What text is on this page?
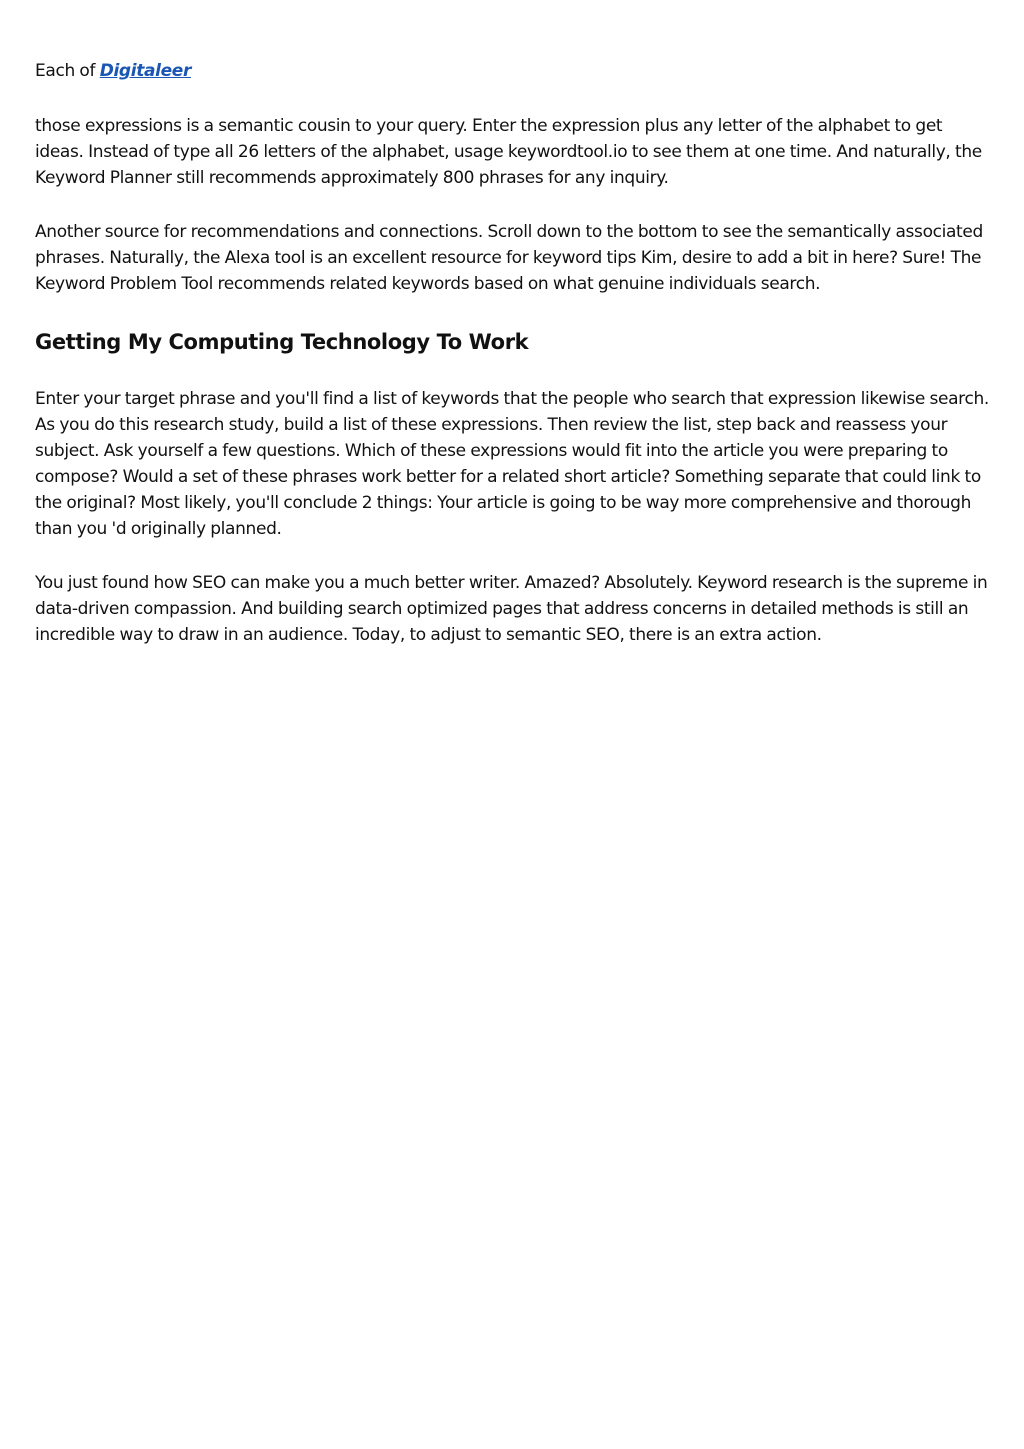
Each of Digitaleer

those expressions is a semantic cousin to your query. Enter the expression plus any letter of the alphabet to get ideas. Instead of type all 26 letters of the alphabet, usage keywordtool.io to see them at one time. And naturally, the Keyword Planner still recommends approximately 800 phrases for any inquiry.

Another source for recommendations and connections. Scroll down to the bottom to see the semantically associated phrases. Naturally, the Alexa tool is an excellent resource for keyword tips Kim, desire to add a bit in here? Sure! The Keyword Problem Tool recommends related keywords based on what genuine individuals search.

Getting My Computing Technology To Work

Enter your target phrase and you'll find a list of keywords that the people who search that expression likewise search. As you do this research study, build a list of these expressions. Then review the list, step back and reassess your subject. Ask yourself a few questions. Which of these expressions would fit into the article you were preparing to compose? Would a set of these phrases work better for a related short article? Something separate that could link to the original? Most likely, you'll conclude 2 things: Your article is going to be way more comprehensive and thorough than you 'd originally planned.

You just found how SEO can make you a much better writer. Amazed? Absolutely. Keyword research is the supreme in data-driven compassion. And building search optimized pages that address concerns in detailed methods is still an incredible way to draw in an audience. Today, to adjust to semantic SEO, there is an extra action.
